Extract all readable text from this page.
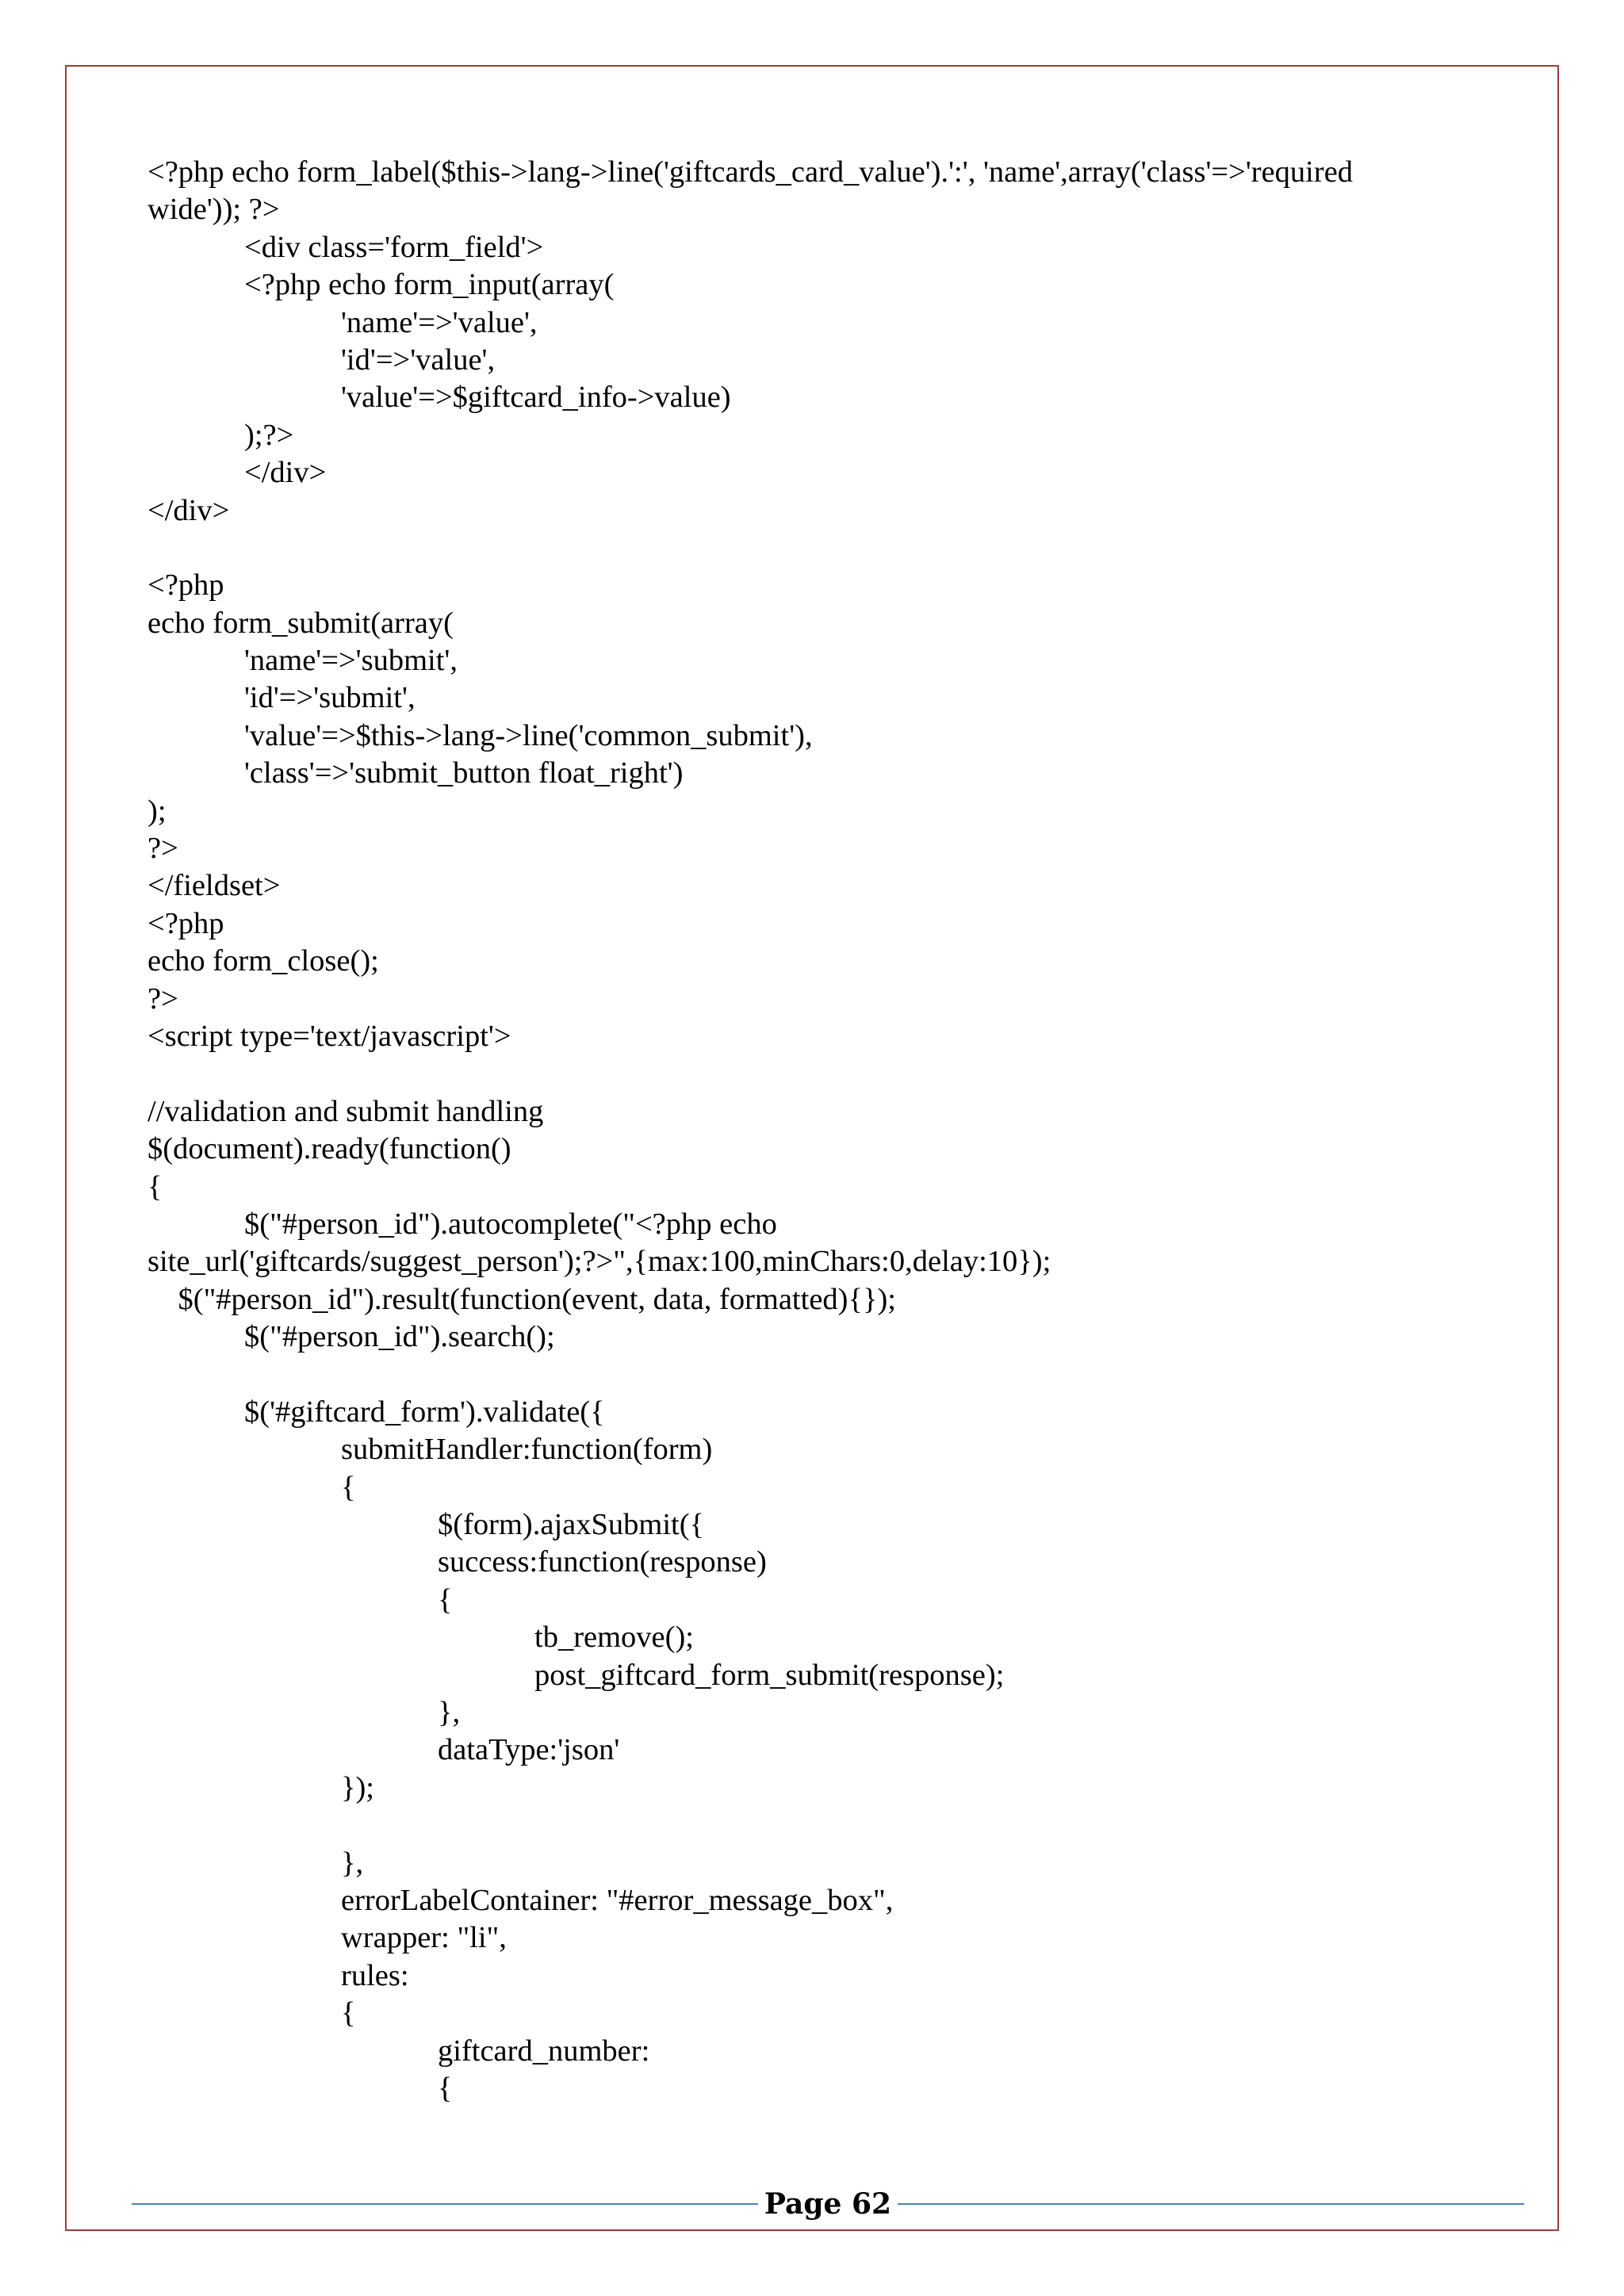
<?php echo form_label($this->lang->line('giftcards_card_value').':', 'name',array('class'=>'required
wide')); ?>
	<div class='form_field'>
	<?php echo form_input(array(
		'name'=>'value',
		'id'=>'value',
		'value'=>$giftcard_info->value)
	);?>
	</div>
</div>
<?php
echo form_submit(array(
	'name'=>'submit',
	'id'=>'submit',
	'value'=>$this->lang->line('common_submit'),
	'class'=>'submit_button float_right')
);
?>
</fieldset>
<?php
echo form_close();
?>
<script type='text/javascript'>
//validation and submit handling
$(document).ready(function()
{
	$("#person_id").autocomplete("<?php echo
site_url('giftcards/suggest_person');?>",{max:100,minChars:0,delay:10});
$("#person_id").result(function(event, data, formatted){});
	$("#person_id").search();
	$('#giftcard_form').validate({
		submitHandler:function(form)
		{
			$(form).ajaxSubmit({
			success:function(response)
			{
				tb_remove();
				post_giftcard_form_submit(response);
			},
			dataType:'json'
		});
		},
		errorLabelContainer: "#error_message_box",
		wrapper: "li",
		rules:
		{
			giftcard_number:
			{
Page 62
